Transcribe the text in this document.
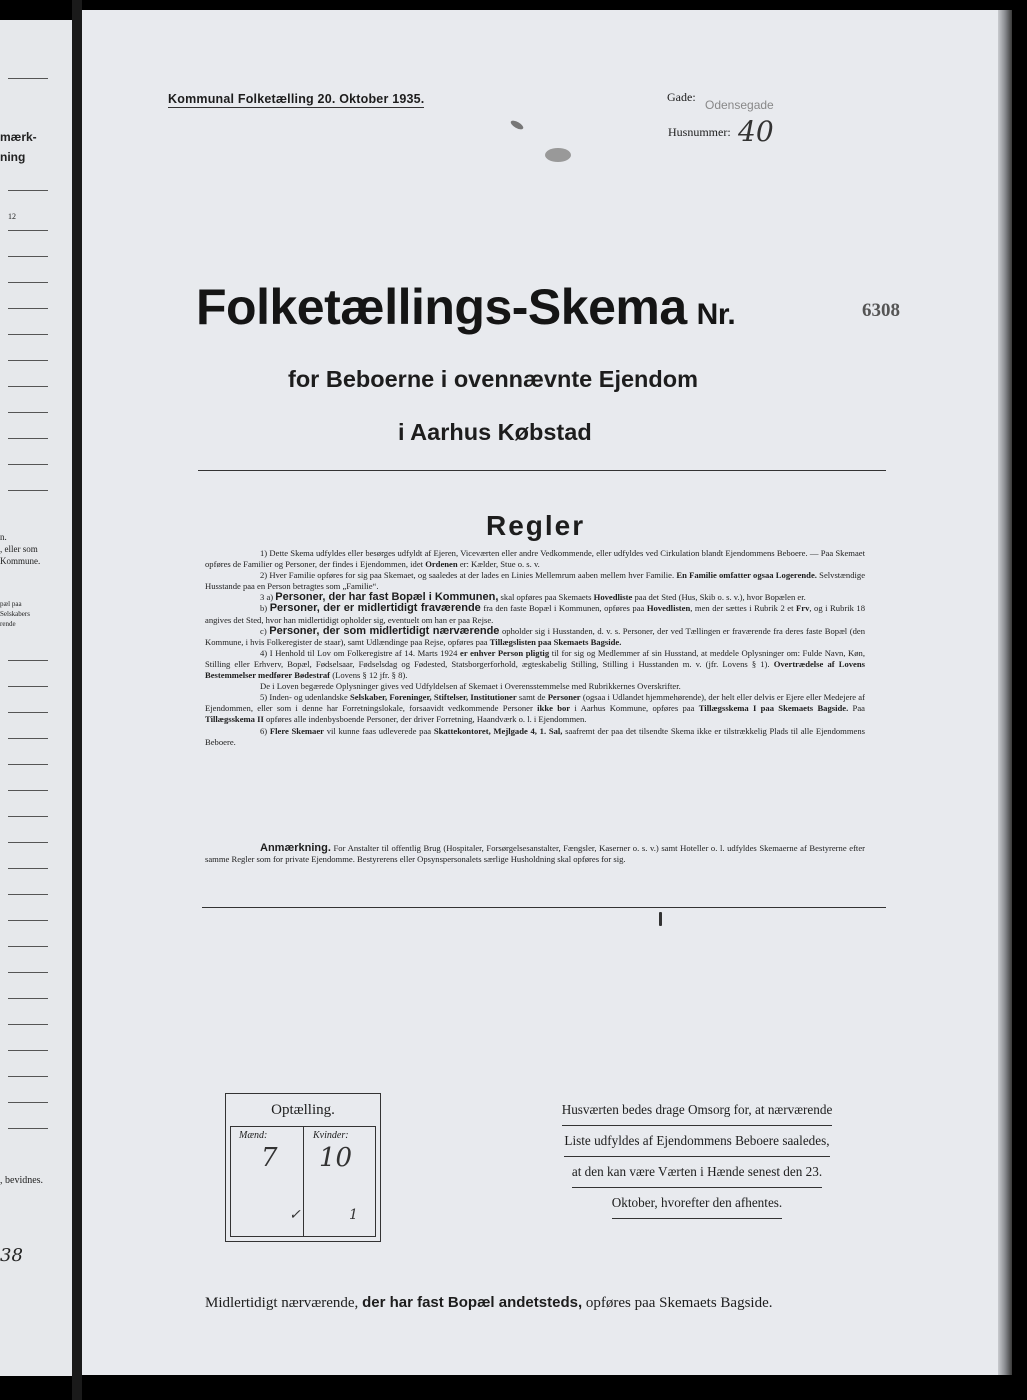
mærk-
ning
12
n.
, eller som
Kommune.
pæl paa
Selskabers
rende
, bevidnes.
38
Kommunal Folketælling 20. Oktober 1935.	Gade:
Odensegade
Husnummer: 40
Folketællings-Skema Nr.	6308
for Beboerne i ovennævnte Ejendom
i Aarhus Købstad
Regler

1) Dette Skema udfyldes eller besørges udfyldt af Ejeren, Viceværten eller andre Vedkommende, eller udfyldes ved Cirkulation blandt Ejendommens Beboere. — Paa Skemaet opføres de Familier og Personer, der findes i Ejendommen, idet Ordenen er: Kælder, Stue o. s. v.

2) Hver Familie opføres for sig paa Skemaet, og saaledes at der lades en Linies Mellemrum aaben mellem hver Familie. En Familie omfatter ogsaa Logerende. Selvstændige Husstande paa en Person betragtes som „Familie“.

3 a) Personer, der har fast Bopæl i Kommunen, skal opføres paa Skemaets Hovedliste paa det Sted (Hus, Skib o. s. v.), hvor Bopælen er.

b) Personer, der er midlertidigt fraværende fra den faste Bopæl i Kommunen, opføres paa Hovedlisten, men der sættes i Rubrik 2 et Frv, og i Rubrik 18 angives det Sted, hvor han midlertidigt opholder sig, eventuelt om han er paa Rejse.

c) Personer, der som midlertidigt nærværende opholder sig i Husstanden, d. v. s. Personer, der ved Tællingen er fraværende fra deres faste Bopæl (den Kommune, i hvis Folkeregister de staar), samt Udlændinge paa Rejse, opføres paa Tillægslisten paa Skemaets Bagside.

4) I Henhold til Lov om Folkeregistre af 14. Marts 1924 er enhver Person pligtig til for sig og Medlemmer af sin Husstand, at meddele Oplysninger om: Fulde Navn, Køn, Stilling eller Erhverv, Bopæl, Fødselsaar, Fødselsdag og Fødested, Statsborgerforhold, ægteskabelig Stilling, Stilling i Husstanden m. v. (jfr. Lovens § 1). Overtrædelse af Lovens Bestemmelser medfører Bødestraf (Lovens § 12 jfr. § 8).

De i Loven begærede Oplysninger gives ved Udfyldelsen af Skemaet i Overensstemmelse med Rubrikkernes Overskrifter.

5) Inden- og udenlandske Selskaber, Foreninger, Stiftelser, Institutioner samt de Personer (ogsaa i Udlandet hjemmehørende), der helt eller delvis er Ejere eller Medejere af Ejendommen, eller som i denne har Forretningslokale, forsaavidt vedkommende Personer ikke bor i Aarhus Kommune, opføres paa Tillægsskema I paa Skemaets Bagside. Paa Tillægsskema II opføres alle indenbysboende Personer, der driver Forretning, Haandværk o. l. i Ejendommen.

6) Flere Skemaer vil kunne faas udleverede paa Skattekontoret, Mejlgade 4, 1. Sal, saafremt der paa det tilsendte Skema ikke er tilstrækkelig Plads til alle Ejendommens Beboere.

Anmærkning. For Anstalter til offentlig Brug (Hospitaler, Forsørgelsesanstalter, Fængsler, Kaserner o. s. v.) samt Hoteller o. l. udfyldes Skemaerne af Bestyrerne efter samme Regler som for private Ejendomme. Bestyrerens eller Opsynspersonalets særlige Husholdning skal opføres for sig.

Optælling.
Mænd:	Kvinder:
7 10
✓	1
Husværten bedes drage Omsorg for, at nærværende
Liste udfyldes af Ejendommens Beboere saaledes,
at den kan være Værten i Hænde senest den 23.
Oktober, hvorefter den afhentes.
Midlertidigt nærværende, der har fast Bopæl andetsteds, opføres paa Skemaets Bagside.
